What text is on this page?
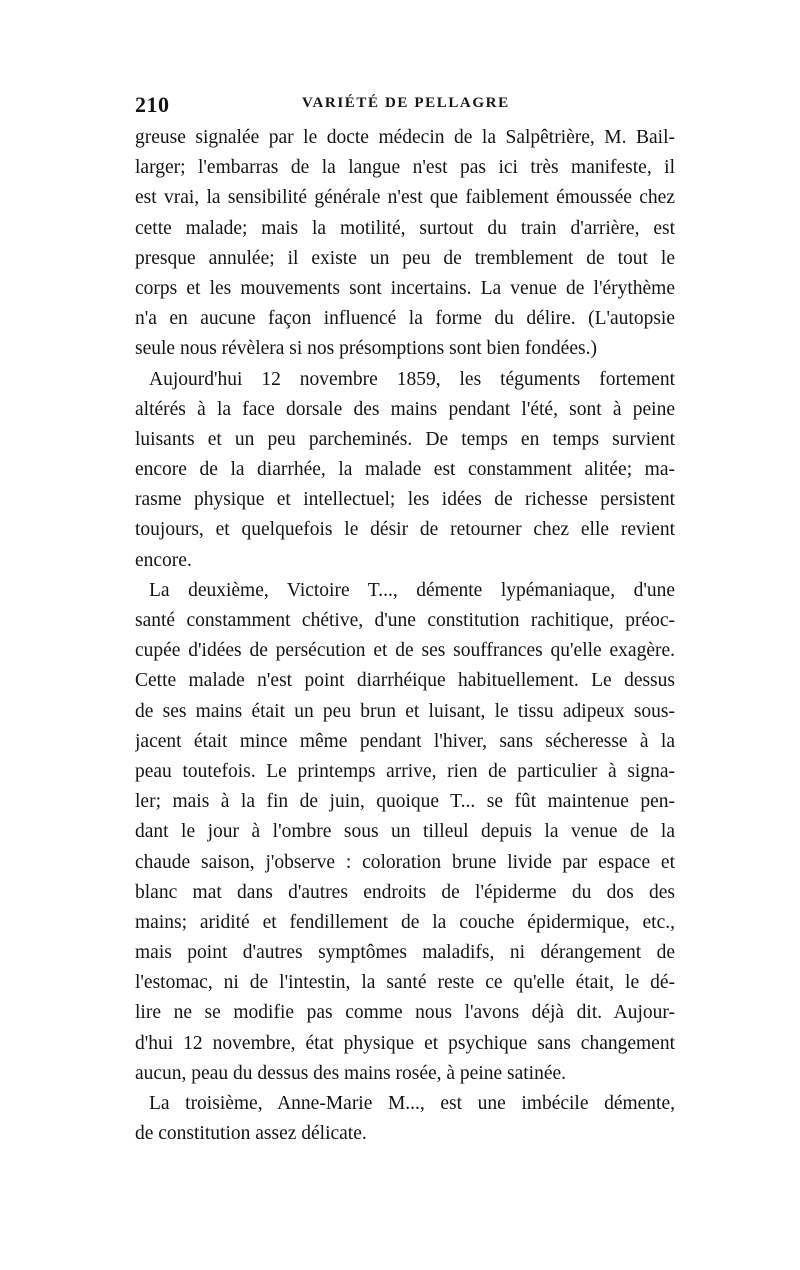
210	VARIÉTÉ DE PELLAGRE
greuse signalée par le docte médecin de la Salpêtrière, M. Bail-
larger; l'embarras de la langue n'est pas ici très manifeste, il
est vrai, la sensibilité générale n'est que faiblement émoussée chez
cette malade; mais la motilité, surtout du train d'arrière, est
presque annulée; il existe un peu de tremblement de tout le
corps et les mouvements sont incertains. La venue de l'érythème
n'a en aucune façon influencé la forme du délire. (L'autopsie
seule nous révèlera si nos présomptions sont bien fondées.)
Aujourd'hui 12 novembre 1859, les téguments fortement
altérés à la face dorsale des mains pendant l'été, sont à peine
luisants et un peu parcheminés. De temps en temps survient
encore de la diarrhée, la malade est constamment alitée; ma-
rasme physique et intellectuel; les idées de richesse persistent
toujours, et quelquefois le désir de retourner chez elle revient
encore.
La deuxième, Victoire T..., démente lypémaniaque, d'une
santé constamment chétive, d'une constitution rachitique, préoc-
cupée d'idées de persécution et de ses souffrances qu'elle exagère.
Cette malade n'est point diarrhéique habituellement. Le dessus
de ses mains était un peu brun et luisant, le tissu adipeux sous-
jacent était mince même pendant l'hiver, sans sécheresse à la
peau toutefois. Le printemps arrive, rien de particulier à signa-
ler; mais à la fin de juin, quoique T... se fût maintenue pen-
dant le jour à l'ombre sous un tilleul depuis la venue de la
chaude saison, j'observe : coloration brune livide par espace et
blanc mat dans d'autres endroits de l'épiderme du dos des
mains; aridité et fendillement de la couche épidermique, etc.,
mais point d'autres symptômes maladifs, ni dérangement de
l'estomac, ni de l'intestin, la santé reste ce qu'elle était, le dé-
lire ne se modifie pas comme nous l'avons déjà dit. Aujour-
d'hui 12 novembre, état physique et psychique sans changement
aucun, peau du dessus des mains rosée, à peine satinée.
La troisième, Anne-Marie M..., est une imbécile démente,
de constitution assez délicate.
